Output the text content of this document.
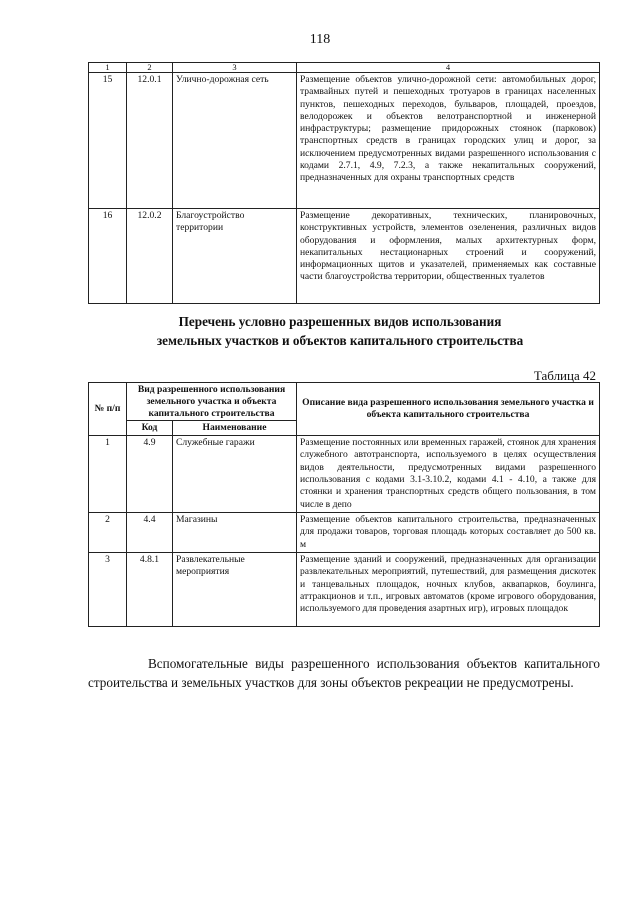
118
1	2	3	4
15	12.0.1	Улично-дорожная сеть	Размещение объектов улично-дорожной сети: автомобильных дорог, трамвайных путей и пешеходных тротуаров в границах населенных пунктов, пешеходных переходов, бульваров, площадей, проездов, велодорожек и объектов велотранспортной и инженерной инфраструктуры; размещение придорожных стоянок (парковок) транспортных средств в границах городских улиц и дорог, за исключением предусмотренных видами разрешенного использования с кодами 2.7.1, 4.9, 7.2.3, а также некапитальных сооружений, предназначенных для охраны транспортных средств
16	12.0.2	Благоустройство территории	Размещение декоративных, технических, планировочных, конструктивных устройств, элементов озеленения, различных видов оборудования и оформления, малых архитектурных форм, некапитальных нестационарных строений и сооружений, информационных щитов и указателей, применяемых как составные части благоустройства территории, общественных туалетов
Перечень условно разрешенных видов использования
земельных участков и объектов капитального строительства
Таблица 42
№ п/п	Вид разрешенного использования земельного участка и объекта капитального строительства		Описание вида разрешенного использования земельного участка и объекта капитального строительства
	Код	Наименование	
1	4.9	Служебные гаражи	Размещение постоянных или временных гаражей, стоянок для хранения служебного автотранспорта, используемого в целях осуществления видов деятельности, предусмотренных видами разрешенного использования с кодами 3.1-3.10.2, кодами 4.1 - 4.10, а также для стоянки и хранения транспортных средств общего пользования, в том числе в депо
2	4.4	Магазины	Размещение объектов капитального строительства, предназначенных для продажи товаров, торговая площадь которых составляет до 500 кв. м
3	4.8.1	Развлекательные мероприятия	Размещение зданий и сооружений, предназначенных для организации развлекательных мероприятий, путешествий, для размещения дискотек и танцевальных площадок, ночных клубов, аквапарков, боулинга, аттракционов и т.п., игровых автоматов (кроме игрового оборудования, используемого для проведения азартных игр), игровых площадок
Вспомогательные виды разрешенного использования объектов капитального строительства и земельных участков для зоны объектов рекреации не предусмотрены.
